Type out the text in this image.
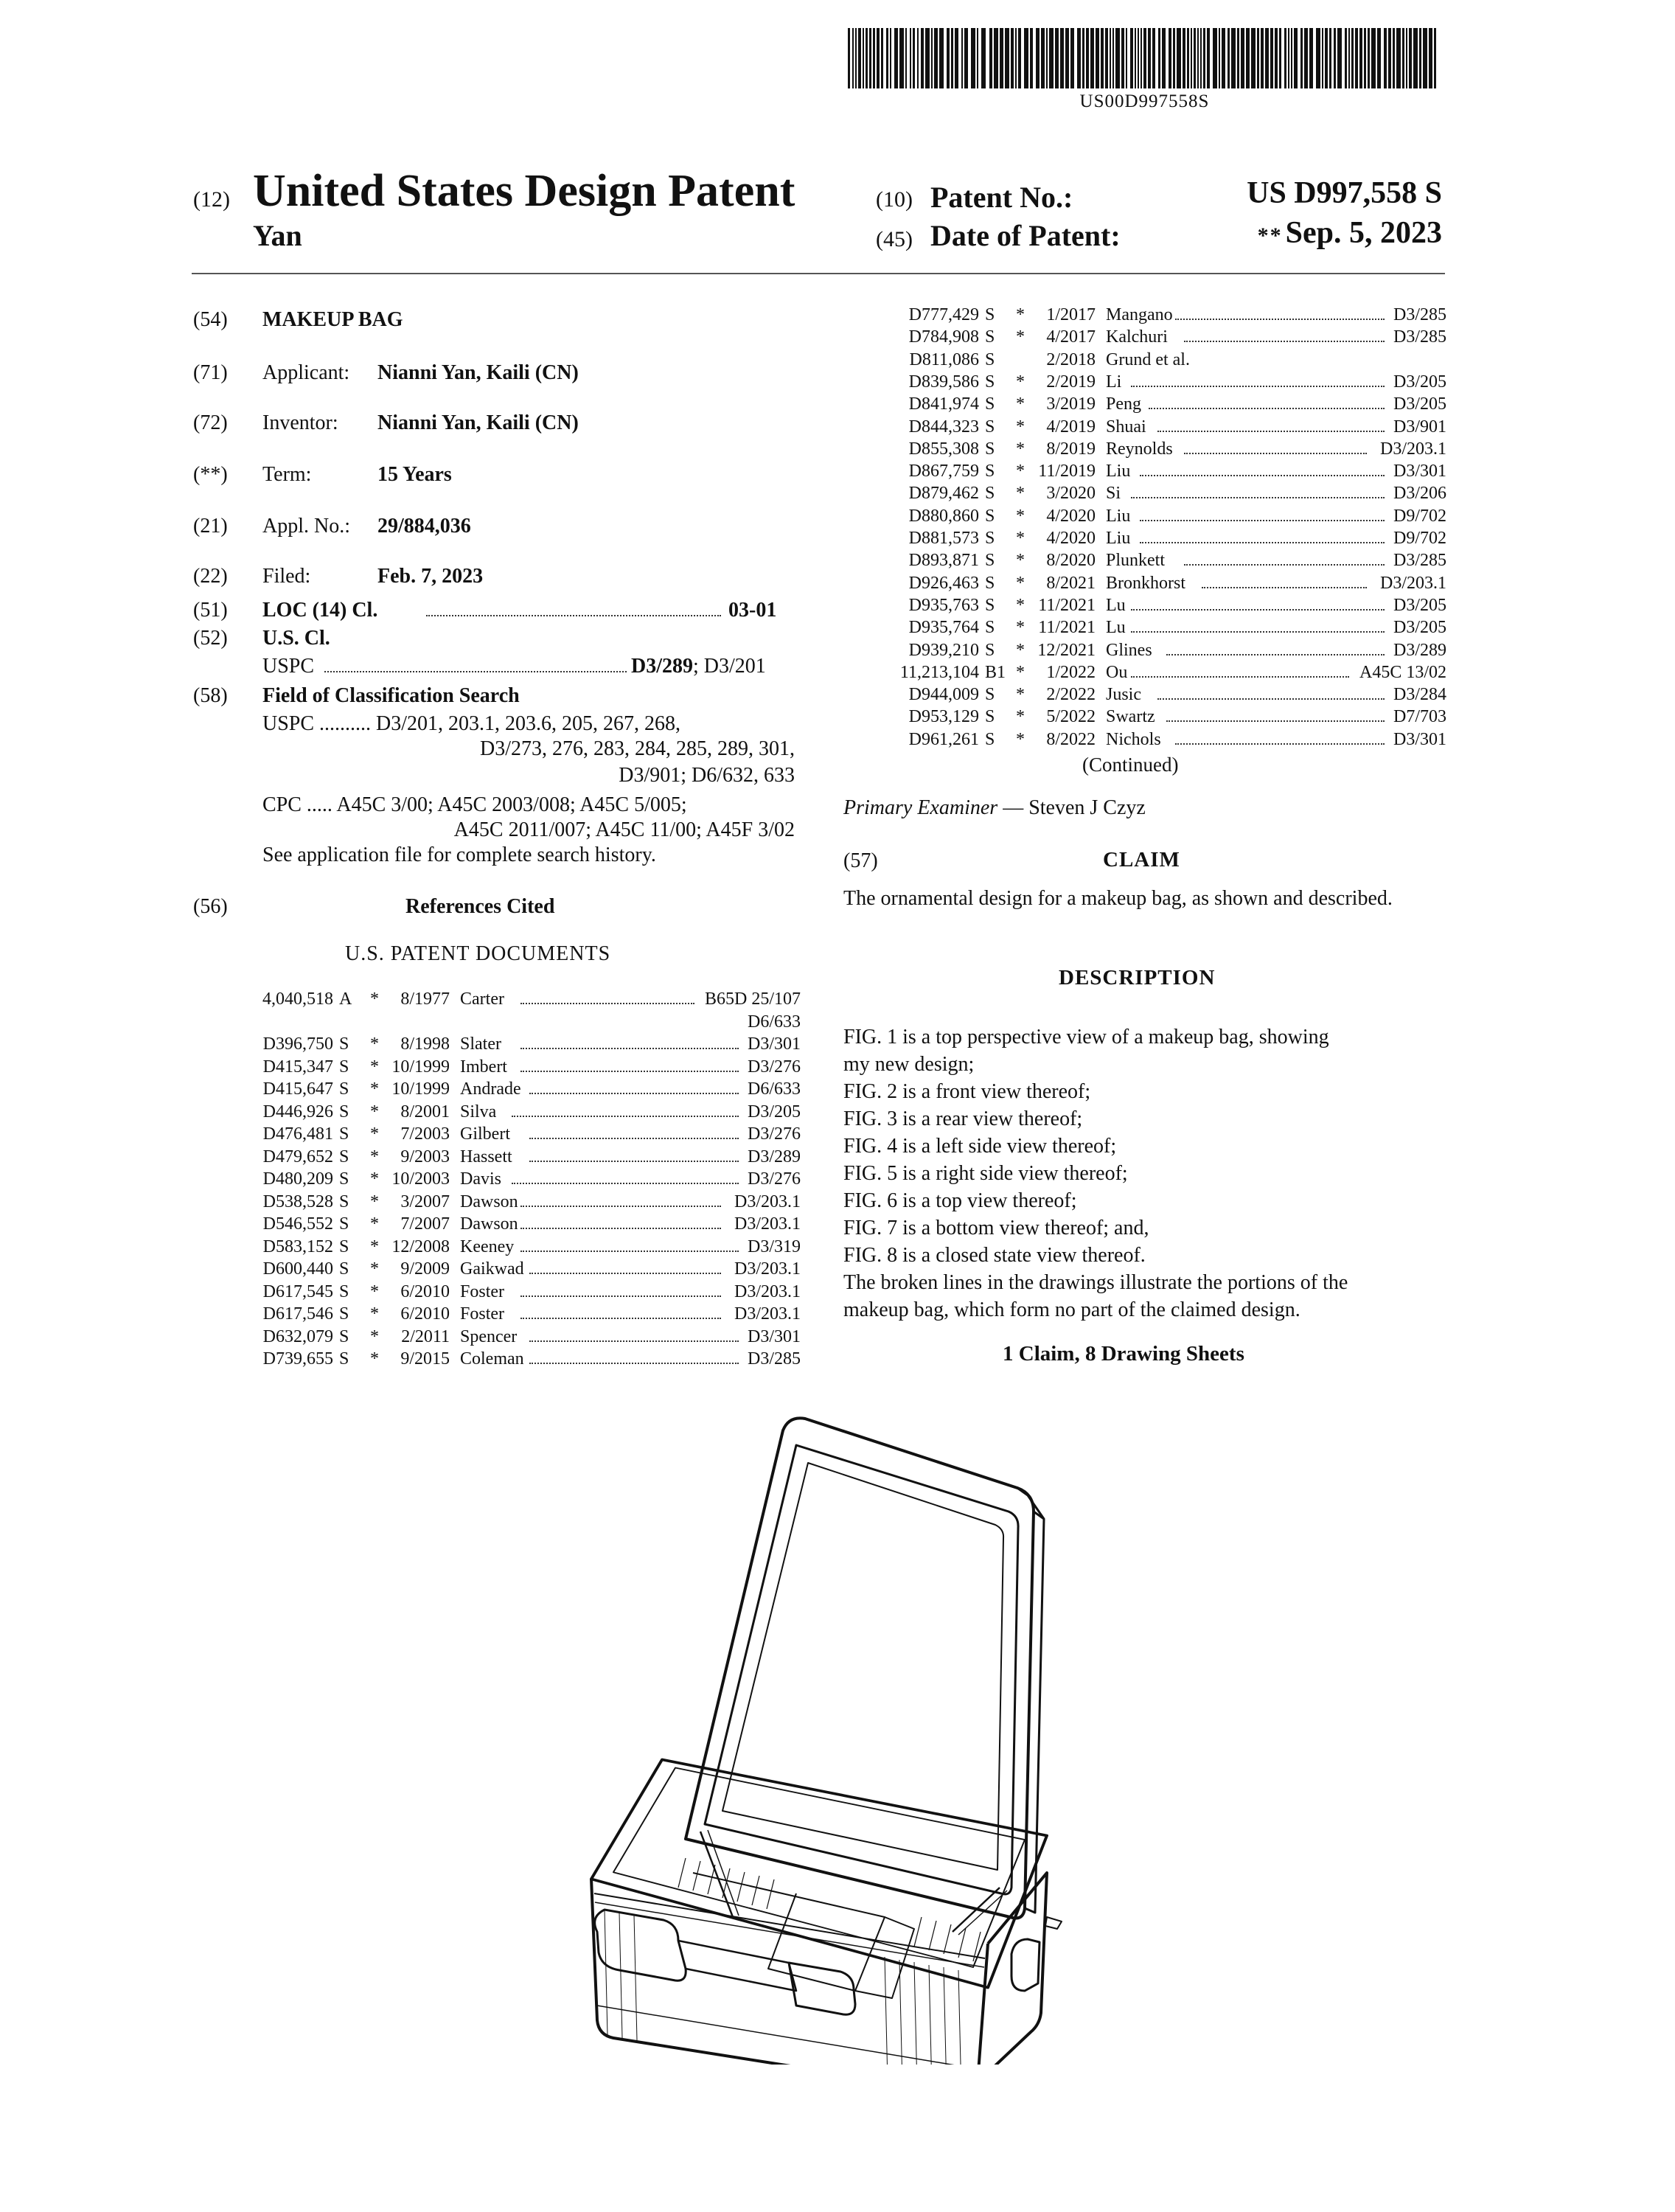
US00D997558S
(12) United States Design Patent
Yan
(10) Patent No.:	US D997,558 S
(45) Date of Patent:	** Sep. 5, 2023
(54) MAKEUP BAG
(71) Applicant: Nianni Yan, Kaili (CN)
(72) Inventor: Nianni Yan, Kaili (CN)
(**) Term:	15 Years
(21) Appl. No.: 29/884,036
(22) Filed:	Feb. 7, 2023
(51) LOC (14) Cl.	03-01
(52) U.S. Cl.
USPC	D3/289; D3/201
(58) Field of Classification Search
USPC .......... D3/201, 203.1, 203.6, 205, 267, 268,
D3/273, 276, 283, 284, 285, 289, 301,
D3/901; D6/632, 633
CPC ..... A45C 3/00; A45C 2003/008; A45C 5/005;
A45C 2011/007; A45C 11/00; A45F 3/02
See application file for complete search history.
(56)	References Cited
U.S. PATENT DOCUMENTS
4,040,518 A	*	8/1977 Carter	B65D 25/107
D6/633
D396,750 S	*	8/1998 Slater	D3/301
D415,347 S	* 10/1999 Imbert	D3/276
D415,647 S	* 10/1999 Andrade	D6/633
D446,926 S	*	8/2001 Silva	D3/205
D476,481 S	*	7/2003 Gilbert	D3/276
D479,652 S	*	9/2003 Hassett	D3/289
D480,209 S	* 10/2003 Davis	D3/276
D538,528 S	*	3/2007 Dawson	D3/203.1
D546,552 S	*	7/2007 Dawson	D3/203.1
D583,152 S	* 12/2008 Keeney	D3/319
D600,440 S	*	9/2009 Gaikwad	D3/203.1
D617,545 S	*	6/2010 Foster	D3/203.1
D617,546 S	*	6/2010 Foster	D3/203.1
D632,079 S	*	2/2011 Spencer	D3/301
D739,655 S	*	9/2015 Coleman	D3/285
D777,429 S	*	1/2017 Mangano	D3/285
D784,908 S	*	4/2017 Kalchuri	D3/285
D811,086 S	2/2018 Grund et al.
D839,586 S	*	2/2019 Li	D3/205
D841,974 S	*	3/2019 Peng	D3/205
D844,323 S	*	4/2019 Shuai	D3/901
D855,308 S	*	8/2019 Reynolds	D3/203.1
D867,759 S	* 11/2019 Liu	D3/301
D879,462 S	*	3/2020 Si	D3/206
D880,860 S	*	4/2020 Liu	D9/702
D881,573 S	*	4/2020 Liu	D9/702
D893,871 S	*	8/2020 Plunkett	D3/285
D926,463 S	*	8/2021 Bronkhorst	D3/203.1
D935,763 S	* 11/2021 Lu	D3/205
D935,764 S	* 11/2021 Lu	D3/205
D939,210 S	* 12/2021 Glines	D3/289
11,213,104 B1 *	1/2022 Ou	A45C 13/02
D944,009 S	*	2/2022 Jusic	D3/284
D953,129 S	*	5/2022 Swartz	D7/703
D961,261 S	*	8/2022 Nichols	D3/301
(Continued)
Primary Examiner — Steven J Czyz
(57)	CLAIM
The ornamental design for a makeup bag, as shown and described.
DESCRIPTION
FIG. 1 is a top perspective view of a makeup bag, showing
my new design;
FIG. 2 is a front view thereof;
FIG. 3 is a rear view thereof;
FIG. 4 is a left side view thereof;
FIG. 5 is a right side view thereof;
FIG. 6 is a top view thereof;
FIG. 7 is a bottom view thereof; and,
FIG. 8 is a closed state view thereof.
The broken lines in the drawings illustrate the portions of the
makeup bag, which form no part of the claimed design.
1 Claim, 8 Drawing Sheets
